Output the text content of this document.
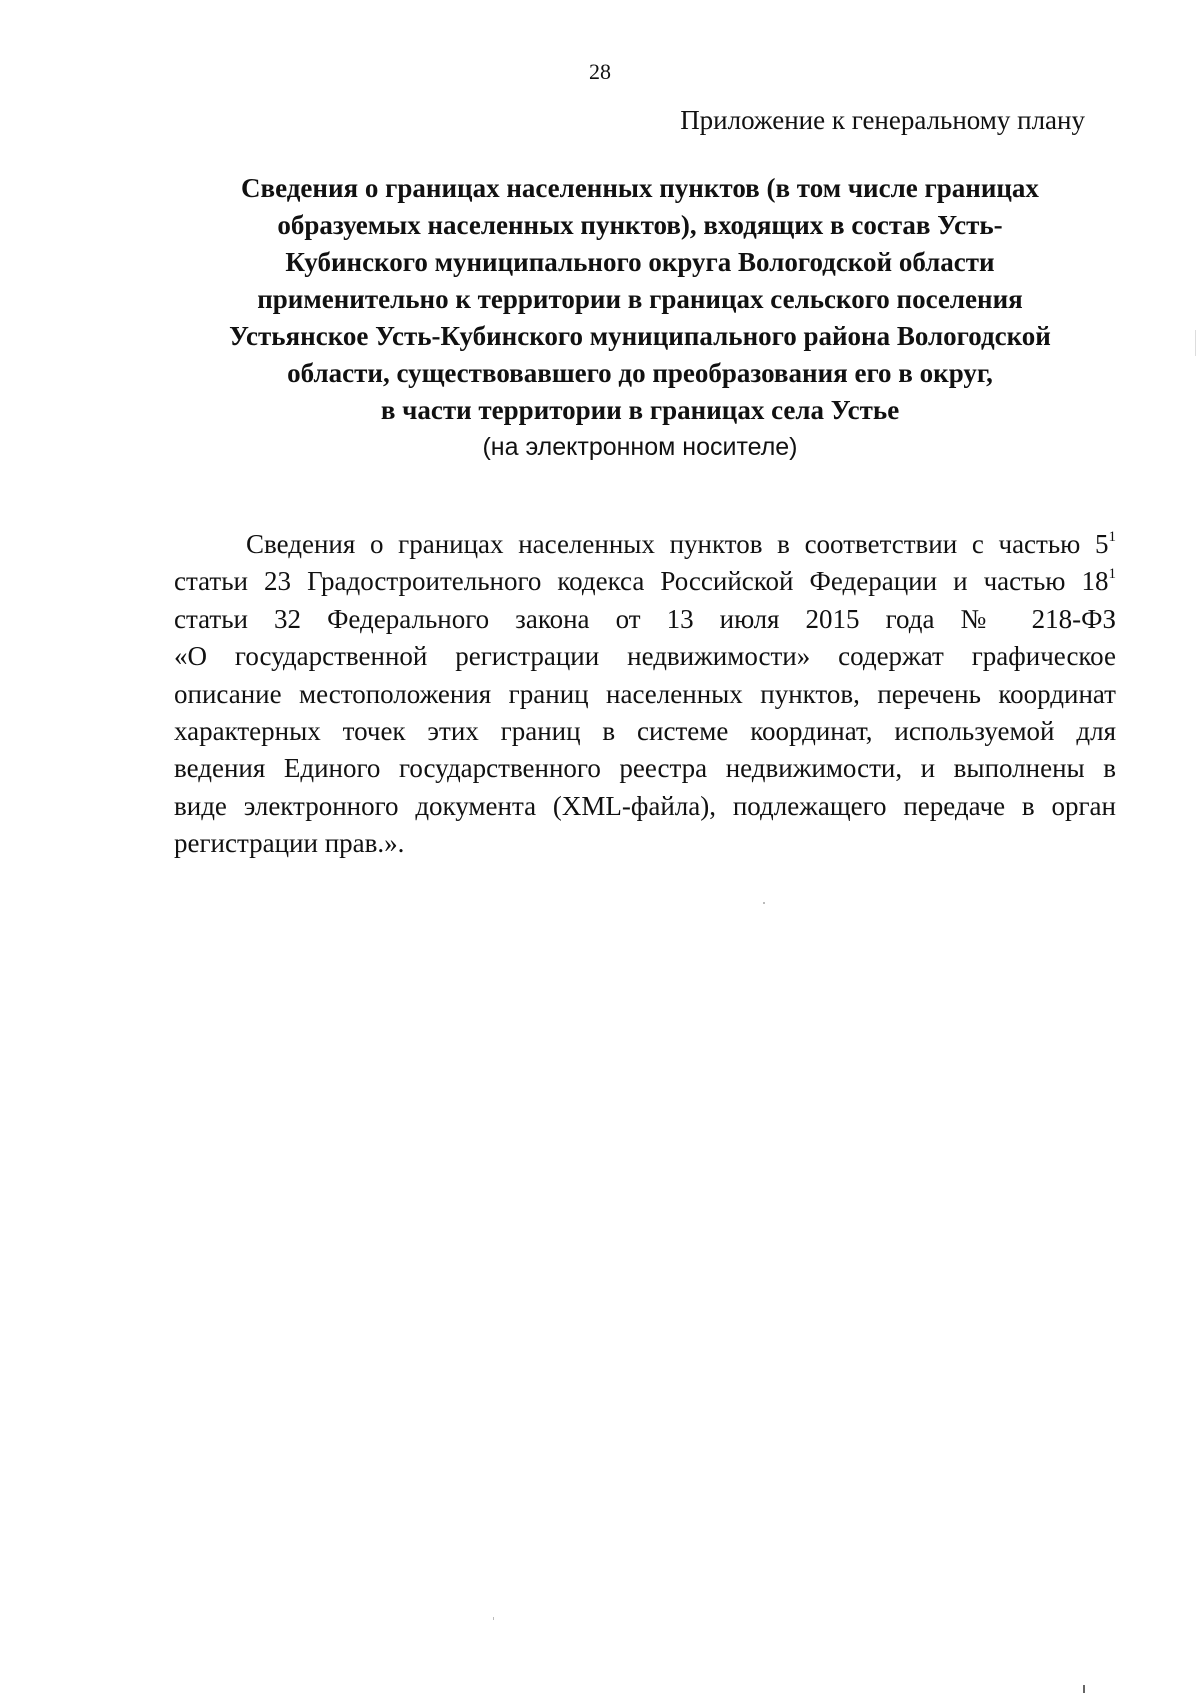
28
Приложение к генеральному плану
Сведения о границах населенных пунктов (в том числе границах
образуемых населенных пунктов), входящих в состав Усть-
Кубинского муниципального округа Вологодской области
применительно к территории в границах сельского поселения
Устьянское Усть-Кубинского муниципального района Вологодской
области, существовавшего до преобразования его в округ,
в части территории в границах села Устье
(на электронном носителе)
Сведения о границах населенных пунктов в соответствии с частью $5^1$
статьи 23 Градостроительного кодекса Российской Федерации и частью $18^1$
статьи 32 Федерального закона от 13 июля 2015 года № 218-ФЗ
«О государственной регистрации недвижимости» содержат графическое
описание местоположения границ населенных пунктов, перечень координат
характерных точек этих границ в системе координат, используемой для
ведения Единого государственного реестра недвижимости, и выполнены в
виде электронного документа (XML-файла), подлежащего передаче в орган
регистрации прав.».
